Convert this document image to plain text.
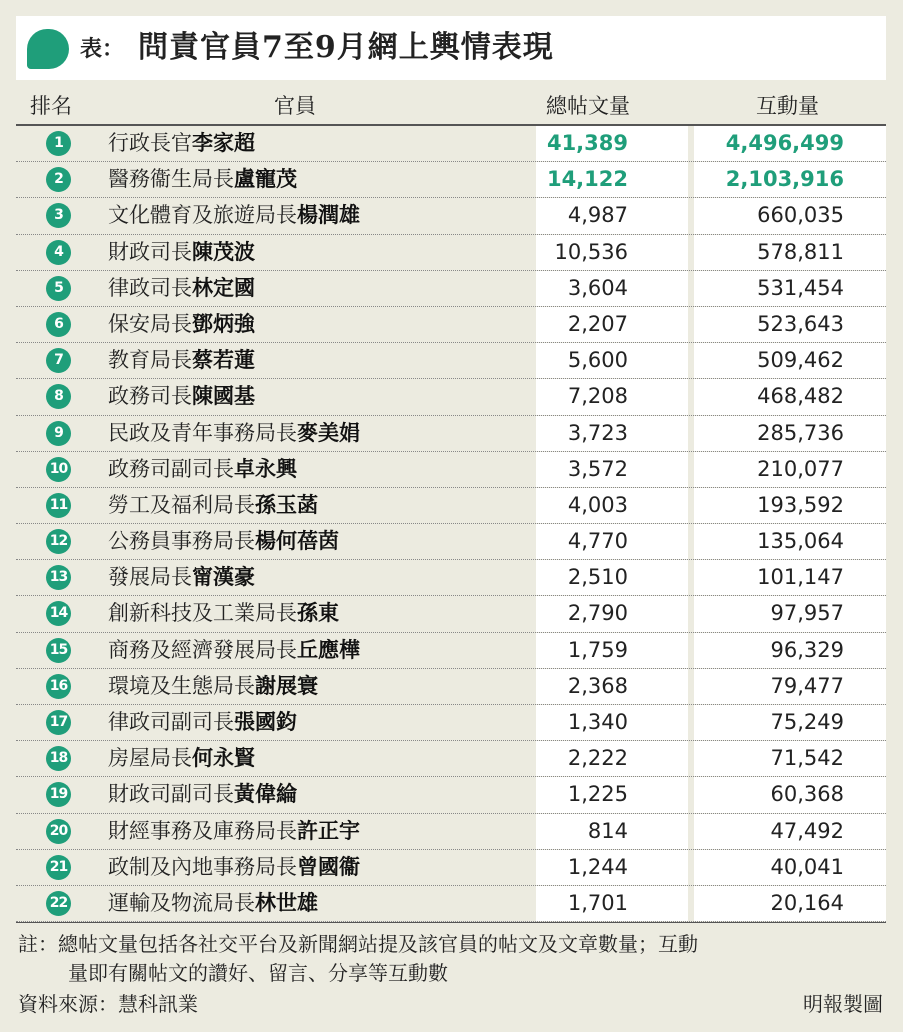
表： 問責官員7至9月網上輿情表現
排名	官員	總帖文量	互動量
1	行政長官李家超	41,389	4,496,499
2	醫務衞生局長盧寵茂	14,122	2,103,916
3	文化體育及旅遊局長楊潤雄	4,987	660,035
4	財政司長陳茂波	10,536	578,811
5	律政司長林定國	3,604	531,454
6	保安局長鄧炳強	2,207	523,643
7	教育局長蔡若蓮	5,600	509,462
8	政務司長陳國基	7,208	468,482
9	民政及青年事務局長麥美娟	3,723	285,736
10 政務司副司長卓永興	3,572	210,077
11 勞工及福利局長孫玉菡	4,003	193,592
12 公務員事務局長楊何蓓茵	4,770	135,064
13 發展局長甯漢豪	2,510	101,147
14 創新科技及工業局長孫東	2,790	97,957
15 商務及經濟發展局長丘應樺	1,759	96,329
16 環境及生態局長謝展寰	2,368	79,477
17 律政司副司長張國鈞	1,340	75,249
18 房屋局長何永賢	2,222	71,542
19 財政司副司長黃偉綸	1,225	60,368
20 財經事務及庫務局長許正宇	814	47,492
21 政制及內地事務局長曾國衞	1,244	40,041
22 運輸及物流局長林世雄	1,701	20,164
註：總帖文量包括各社交平台及新聞網站提及該官員的帖文及文章數量；互動
量即有關帖文的讚好、留言、分享等互動數
資料來源：慧科訊業	明報製圖
